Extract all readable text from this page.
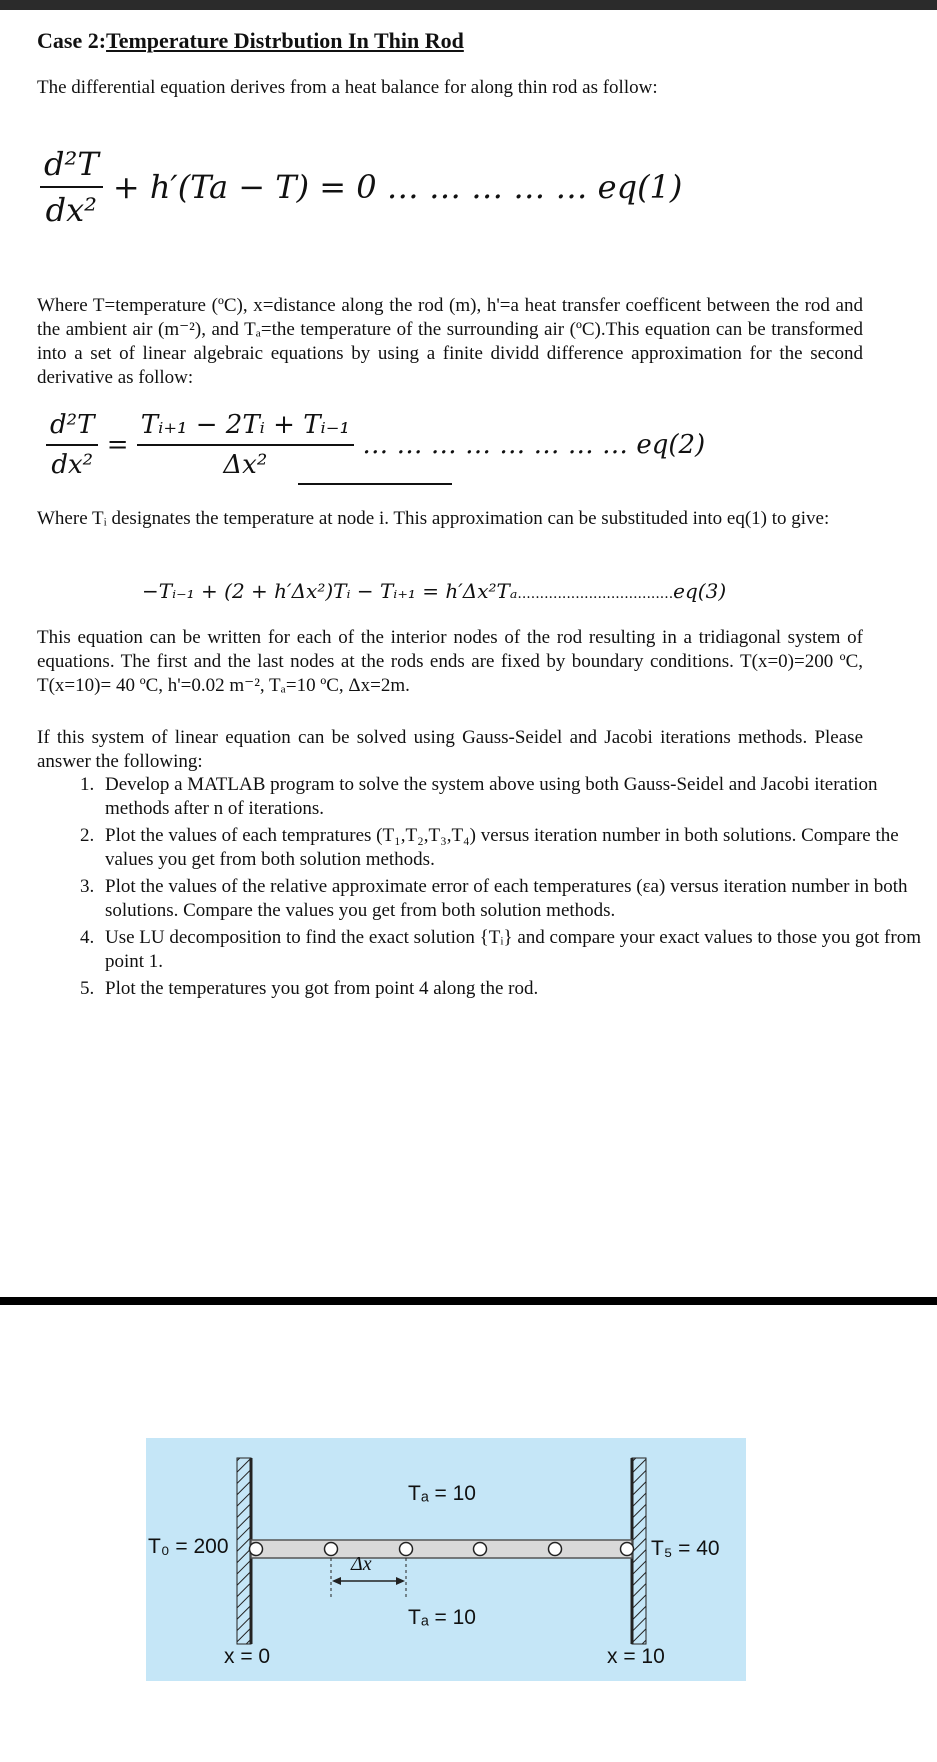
Case 2:Temperature Distrbution In Thin Rod

The differential equation derives from a heat balance for along thin rod as follow:

$\frac{\text{d²T}}{\text{dx²}} + h'(Ta - T) = 0$ … … … … … eq(1)

Where T=temperature (ºC), x=distance along the rod (m), h'=a heat transfer coefficent between the rod and the ambient air (m⁻²), and Tₐ=the temperature of the surrounding air (ºC).This equation can be transformed into a set of linear algebraic equations by using a finite dividd difference approximation for the second derivative as follow:

$\frac{\text{d²T}}{\text{dx²}} = \frac{\text{Tᵢ₊₁ − 2Tᵢ + Tᵢ₋₁}}{\text{Δx²}}$ … … … … … … … … eq(2)

Where Tᵢ designates the temperature at node i. This approximation can be substituded into eq(1) to give:

−Tᵢ₋₁ + (2 + h′Δx²)Tᵢ − Tᵢ₊₁ = h′Δx²Tₐ...................................eq(3)

This equation can be written for each of the interior nodes of the rod resulting in a tridiagonal system of equations. The first and the last nodes at the rods ends are fixed by boundary conditions. T(x=0)=200 ºC, T(x=10)= 40 ºC, h'=0.02 m⁻², Tₐ=10 ºC, Δx=2m.

If this system of linear equation can be solved using Gauss-Seidel and Jacobi iterations methods. Please answer the following:

1. Develop a MATLAB program to solve the system above using both Gauss-Seidel and Jacobi iteration methods after n of iterations.
2. Plot the values of each tempratures (T₁,T₂,T₃,T₄) versus iteration number in both solutions. Compare the values you get from both solution methods.
3. Plot the values of the relative approximate error of each temperatures (εa) versus iteration number in both solutions. Compare the values you get from both solution methods.
4. Use LU decomposition to find the exact solution {Tᵢ} and compare your exact values to those you got from point 1.
5. Plot the temperatures you got from point 4 along the rod.
T₀ = 200	T₅ = 40
Tₐ = 10
Tₐ = 10
Δx
x = 0	x = 10
